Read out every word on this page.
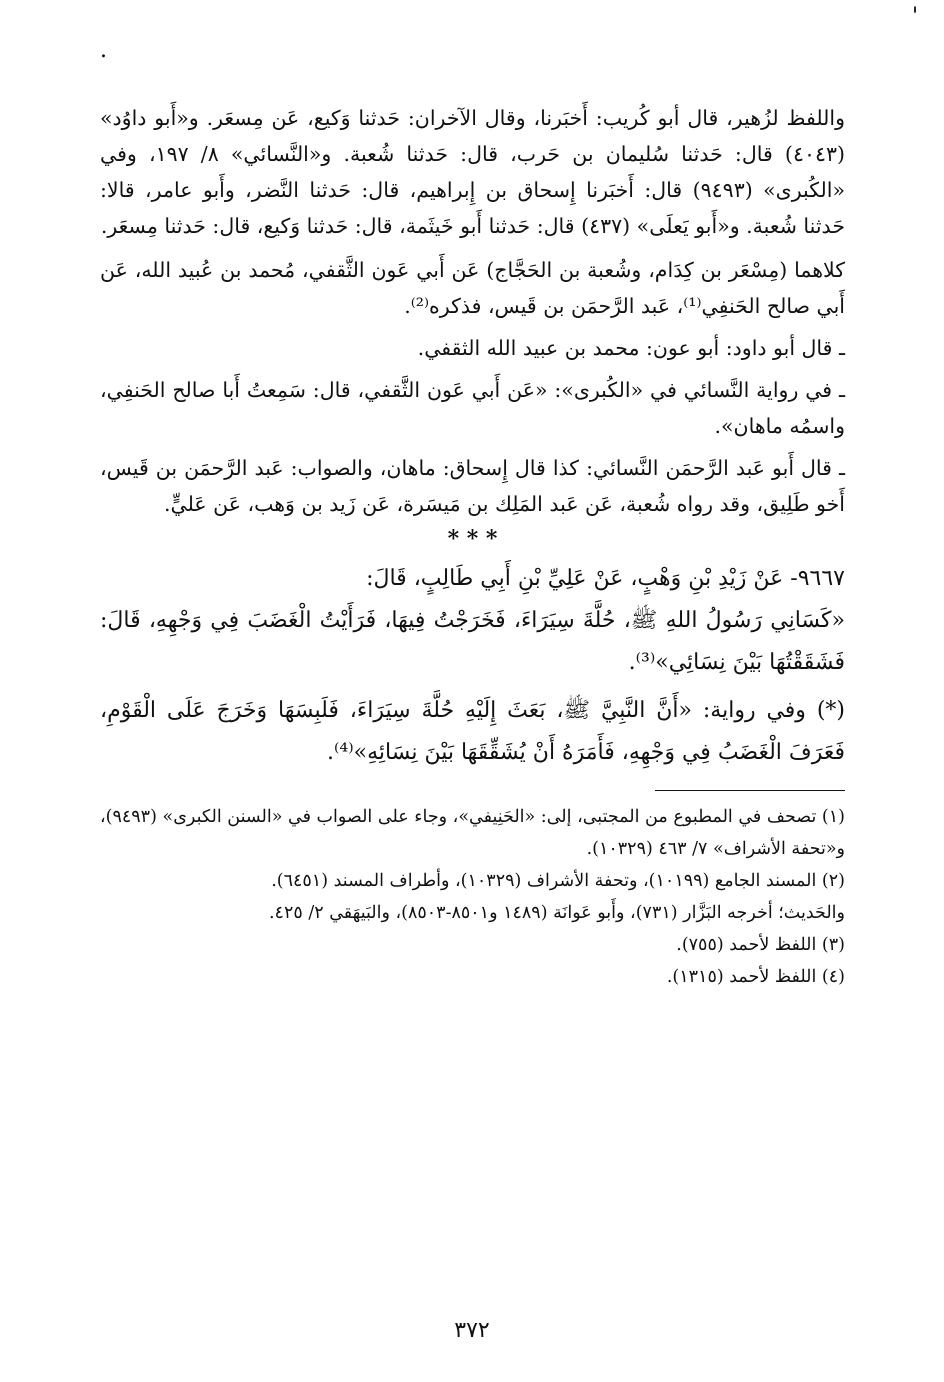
'
.

واللفظ لزُهير، قال أبو كُريب: أَخبَرنا، وقال الآخران: حَدثنا وَكيع، عَن مِسعَر. و«أَبو داوُد» (٤٠٤٣) قال: حَدثنا سُليمان بن حَرب، قال: حَدثنا شُعبة. و«النَّسائي» ٨/ ١٩٧، وفي «الكُبرى» (٩٤٩٣) قال: أَخبَرنا إِسحاق بن إِبراهيم، قال: حَدثنا النَّضر، وأَبو عامر، قالا: حَدثنا شُعبة. و«أَبو يَعلَى» (٤٣٧) قال: حَدثنا أَبو خَيثَمة، قال: حَدثنا وَكيع، قال: حَدثنا مِسعَر.

كلاهما (مِسْعَر بن كِدَام، وشُعبة بن الحَجَّاج) عَن أَبي عَون الثَّقفي، مُحمد بن عُبيد الله، عَن أَبي صالح الحَنفِي⁽¹⁾، عَبد الرَّحمَن بن قَيس، فذكره⁽²⁾.

ـ قال أبو داود: أبو عون: محمد بن عبيد الله الثقفي.

ـ في رواية النَّسائي في «الكُبرى»: «عَن أَبي عَون الثَّقفي، قال: سَمِعتُ أَبا صالح الحَنفِي، واسمُه ماهان».

ـ قال أَبو عَبد الرَّحمَن النَّسائي: كذا قال إِسحاق: ماهان، والصواب: عَبد الرَّحمَن بن قَيس، أَخو طَلِيق، وقد رواه شُعبة، عَن عَبد المَلِك بن مَيسَرة، عَن زَيد بن وَهب، عَن عَليٍّ.

* * *

٩٦٦٧- عَنْ زَيْدِ بْنِ وَهْبٍ، عَنْ عَلِيِّ بْنِ أَبِي طَالِبٍ، قَالَ:

«كَسَانِي رَسُولُ اللهِ ﷺ، حُلَّةَ سِيَرَاءَ، فَخَرَجْتُ فِيهَا، فَرَأَيْتُ الْغَضَبَ فِي وَجْهِهِ، قَالَ: فَشَقَقْتُهَا بَيْنَ نِسَائِي»⁽³⁾.

(*) وفي رواية: «أَنَّ النَّبِيَّ ﷺ، بَعَثَ إِلَيْهِ حُلَّةَ سِيَرَاءَ، فَلَبِسَهَا وَخَرَجَ عَلَى الْقَوْمِ، فَعَرَفَ الْغَضَبُ فِي وَجْهِهِ، فَأَمَرَهُ أَنْ يُشَقِّقَهَا بَيْنَ نِسَائِهِ»⁽⁴⁾.

(١) تصحف في المطبوع من المجتبى، إلى: «الحَنِيفي»، وجاء على الصواب في «السنن الكبرى» (٩٤٩٣)، و«تحفة الأشراف» ٧/ ٤٦٣ (١٠٣٢٩).

(٢) المسند الجامع (١٠١٩٩)، وتحفة الأشراف (١٠٣٢٩)، وأطراف المسند (٦٤٥١).

والحَديث؛ أخرجه البَزَّار (٧٣١)، وأَبو عَوانَة (١٤٨٩ و٨٥٠١-٨٥٠٣)، والبَيهَقي ٢/ ٤٢٥.

(٣) اللفظ لأحمد (٧٥٥).

(٤) اللفظ لأحمد (١٣١٥).

٣٧٢
